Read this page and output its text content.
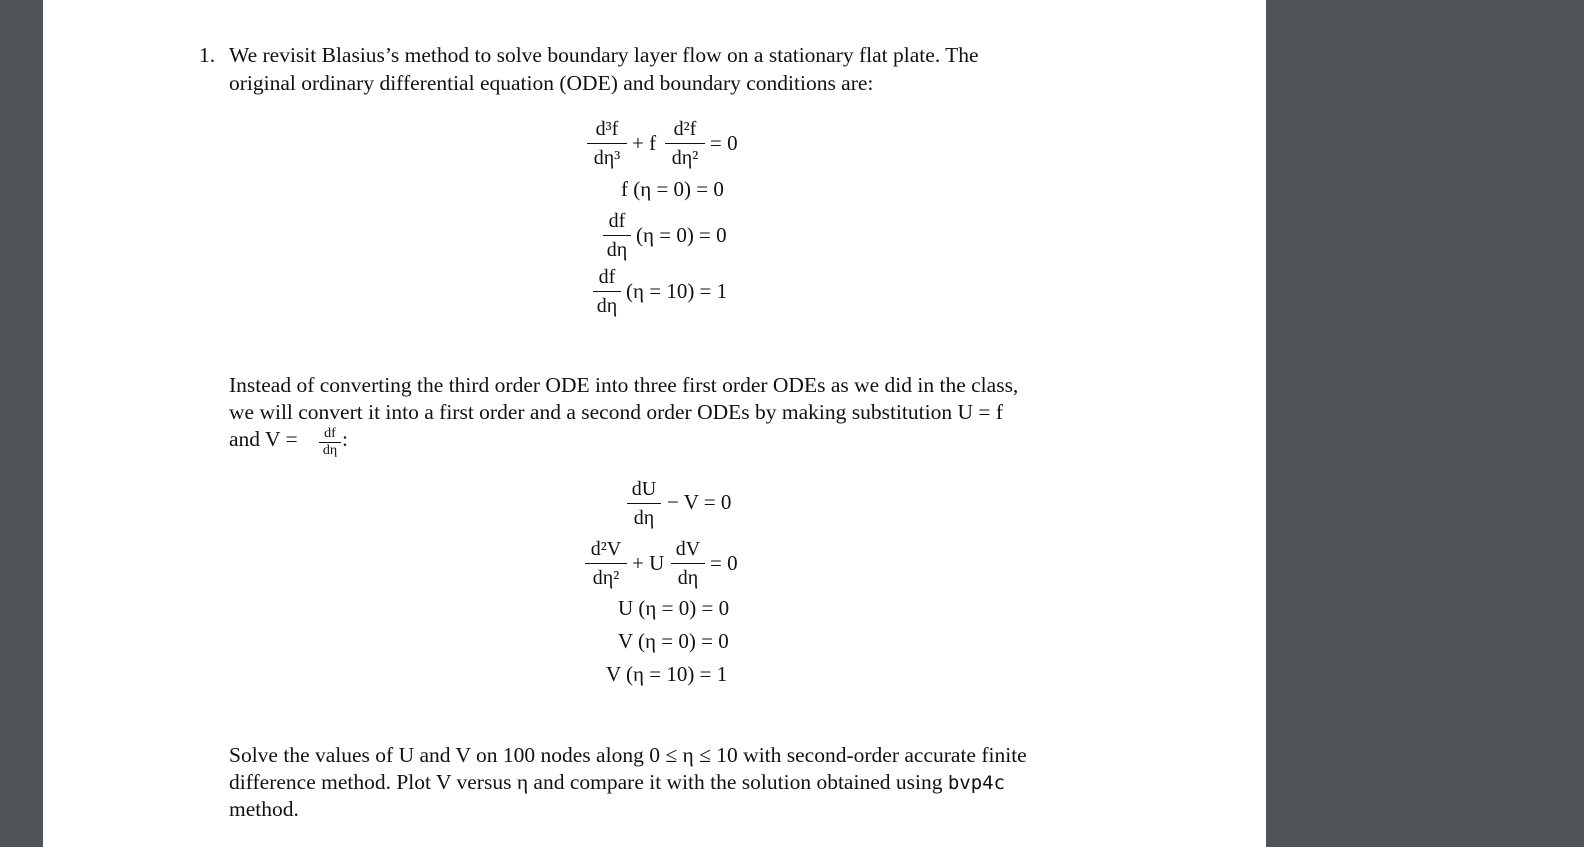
1. We revisit Blasius’s method to solve boundary layer flow on a stationary flat plate. The
original ordinary differential equation (ODE) and boundary conditions are:
d³f
dη³
+ f
d²f
dη²
= 0
f (η = 0) = 0
df
dη
(η = 0) = 0
df
dη
(η = 10) = 1
Instead of converting the third order ODE into three first order ODEs as we did in the class,
we will convert it into a first order and a second order ODEs by making substitution U = f
and V =	df
dη :
dU
dη
− V = 0
d²V
dη²
+ U
dV
dη
= 0
U (η = 0) = 0
V (η = 0) = 0
V (η = 10) = 1
Solve the values of U and V on 100 nodes along 0 ≤ η ≤ 10 with second-order accurate finite
difference method. Plot V versus η and compare it with the solution obtained using bvp4c
method.
